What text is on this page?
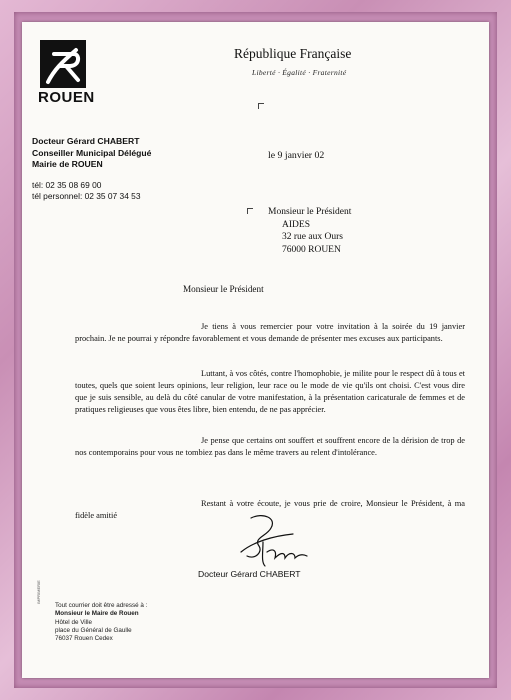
ROUEN
République Française
Liberté · Égalité · Fraternité
Docteur Gérard CHABERT
Conseiller Municipal Délégué
Mairie de ROUEN
le 9 janvier 02
tél: 02 35 08 69 00
tél personnel: 02 35 07 34 53
Monsieur le Président
AIDES
32 rue aux Ours
76000 ROUEN
Monsieur le Président
Je tiens à vous remercier pour votre invitation à la soirée du 19 janvier prochain. Je ne pourrai y répondre favorablement et vous demande de présenter mes excuses aux participants.
Luttant, à vos côtés, contre l'homophobie, je milite pour le respect dû à tous et toutes, quels que soient leurs opinions, leur religion, leur race ou le mode de vie qu'ils ont choisi. C'est vous dire que je suis sensible, au delà du côté canular de votre manifestation, à la présentation caricaturale de femmes et de pratiques religieuses que vous êtes libre, bien entendu, de ne pas apprécier.
Je pense que certains ont souffert et souffrent encore de la dérision de trop de nos contemporains pour vous ne tombiez pas dans le même travers au relent d'intolérance.
Restant à votre écoute, je vous prie de croire, Monsieur le Président, à ma fidèle amitié
Docteur Gérard CHABERT
IMPRIMERIE
Tout courrier doit être adressé à :
Monsieur le Maire de Rouen
Hôtel de Ville
place du Général de Gaulle
76037 Rouen Cedex
